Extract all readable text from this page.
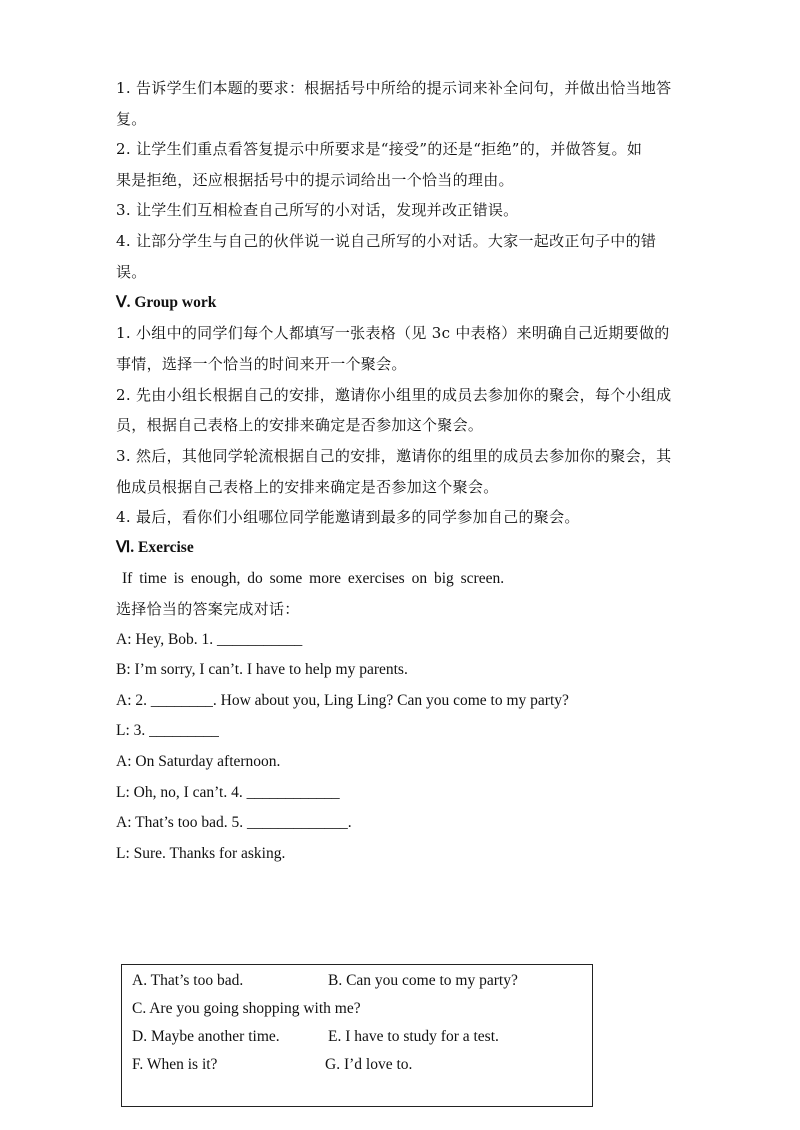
1. 告诉学生们本题的要求：根据括号中所给的提示词来补全问句，并做出恰当地答
复。
2. 让学生们重点看答复提示中所要求是“接受”的还是“拒绝”的，并做答复。如
果是拒绝，还应根据括号中的提示词给出一个恰当的理由。
3. 让学生们互相检查自己所写的小对话，发现并改正错误。
4. 让部分学生与自己的伙伴说一说自己所写的小对话。大家一起改正句子中的错
误。
Ⅴ. Group work
1. 小组中的同学们每个人都填写一张表格（见 3c 中表格）来明确自己近期要做的
事情，选择一个恰当的时间来开一个聚会。
2. 先由小组长根据自己的安排，邀请你小组里的成员去参加你的聚会，每个小组成
员，根据自己表格上的安排来确定是否参加这个聚会。
3. 然后，其他同学轮流根据自己的安排，邀请你的组里的成员去参加你的聚会，其
他成员根据自己表格上的安排来确定是否参加这个聚会。
4. 最后，看你们小组哪位同学能邀请到最多的同学参加自己的聚会。
Ⅵ. Exercise
If time is enough, do some more exercises on big screen.
选择恰当的答案完成对话：
A: Hey, Bob. 1. ___________
B: I’m sorry, I can’t. I have to help my parents.
A: 2. ________. How about you, Ling Ling? Can you come to my party?
L: 3. _________
A: On Saturday afternoon.
L: Oh, no, I can’t. 4. ____________
A: That’s too bad. 5. _____________.
L: Sure. Thanks for asking.
A. That’s too bad.	B. Can you come to my party?
C. Are you going shopping with me?
D. Maybe another time.	E. I have to study for a test.
F. When is it?	G. I’d love to.
